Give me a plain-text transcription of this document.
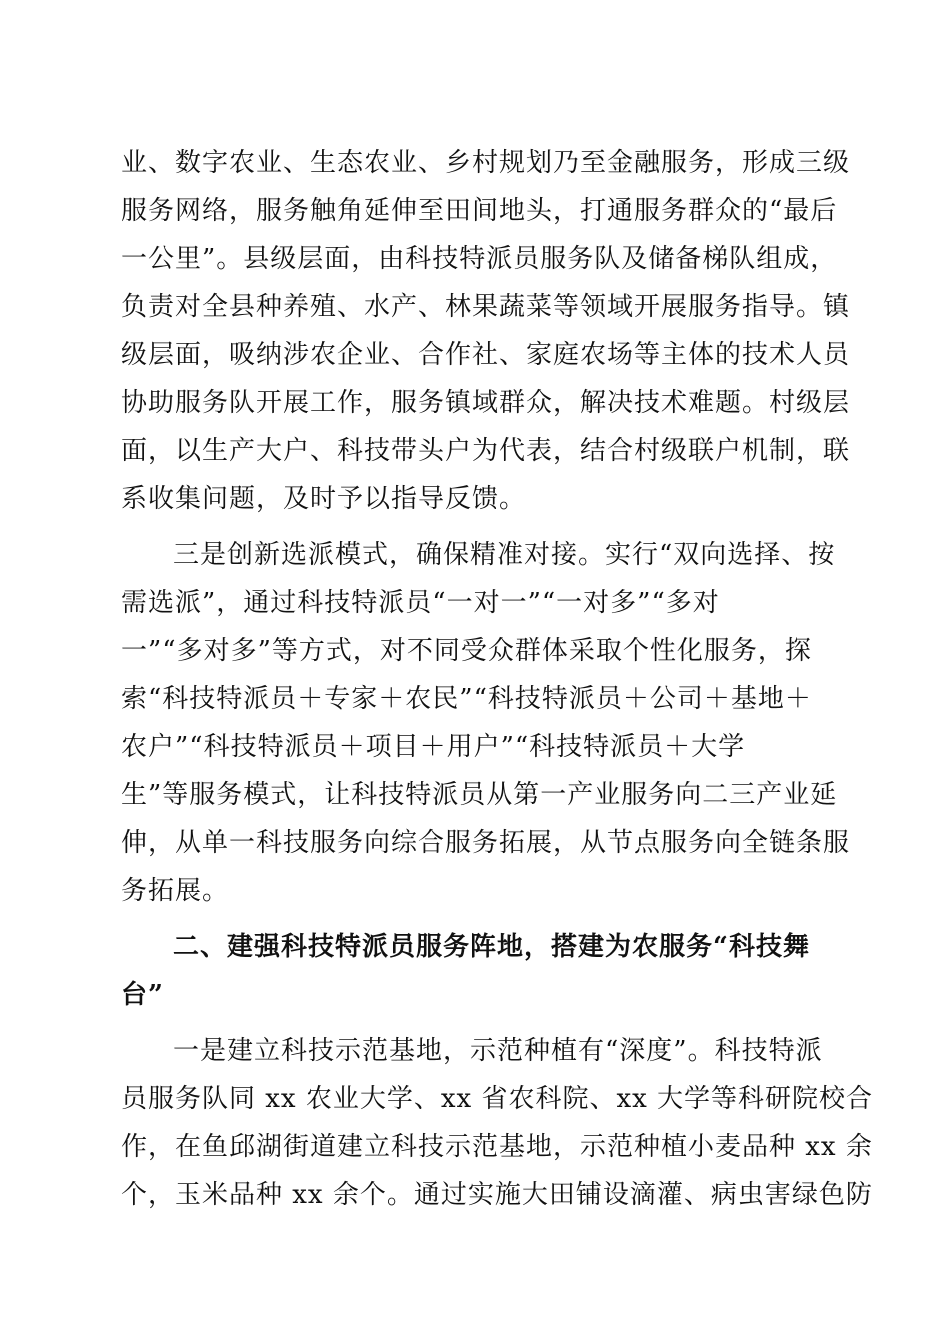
业、数字农业、生态农业、乡村规划乃至金融服务，形成三级
服务网络，服务触角延伸至田间地头，打通服务群众的“最后
一公里”。县级层面，由科技特派员服务队及储备梯队组成，
负责对全县种养殖、水产、林果蔬菜等领域开展服务指导。镇
级层面，吸纳涉农企业、合作社、家庭农场等主体的技术人员
协助服务队开展工作，服务镇域群众，解决技术难题。村级层
面，以生产大户、科技带头户为代表，结合村级联户机制，联
系收集问题，及时予以指导反馈。
三是创新选派模式，确保精准对接。实行“双向选择、按
需选派”，通过科技特派员“一对一”“一对多”“多对
一”“多对多”等方式，对不同受众群体采取个性化服务，探
索“科技特派员＋专家＋农民”“科技特派员＋公司＋基地＋
农户”“科技特派员＋项目＋用户”“科技特派员＋大学
生”等服务模式，让科技特派员从第一产业服务向二三产业延
伸，从单一科技服务向综合服务拓展，从节点服务向全链条服
务拓展。
二、建强科技特派员服务阵地，搭建为农服务“科技舞
台”
一是建立科技示范基地，示范种植有“深度”。科技特派
员服务队同 xx 农业大学、xx 省农科院、xx 大学等科研院校合
作，在鱼邱湖街道建立科技示范基地，示范种植小麦品种 xx 余
个，玉米品种 xx 余个。通过实施大田铺设滴灌、病虫害绿色防
